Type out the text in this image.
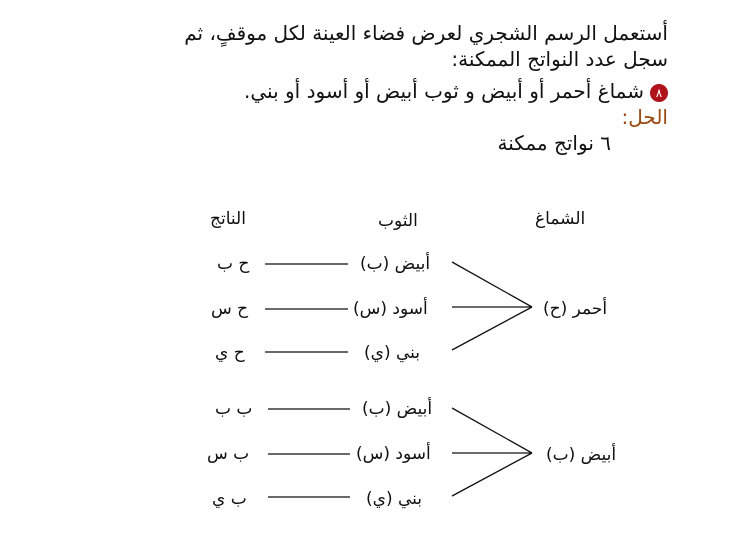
أستعمل الرسم الشجري لعرض فضاء العينة لكل موقفٍ، ثم
سجل عدد النواتج الممكنة:
٨شماغ أحمر أو أبيض و ثوب أبيض أو أسود أو بني.
الحل:
٦ نواتج ممكنة
الناتج	الثوب	الشماغ
ح ب
ح س
ح ي
أبيض (ب)
أسود (س)
بني (ي)
أحمر (ح)
ب ب
ب س
ب ي
أبيض (ب)
أسود (س)
بني (ي)
أبيض (ب)
